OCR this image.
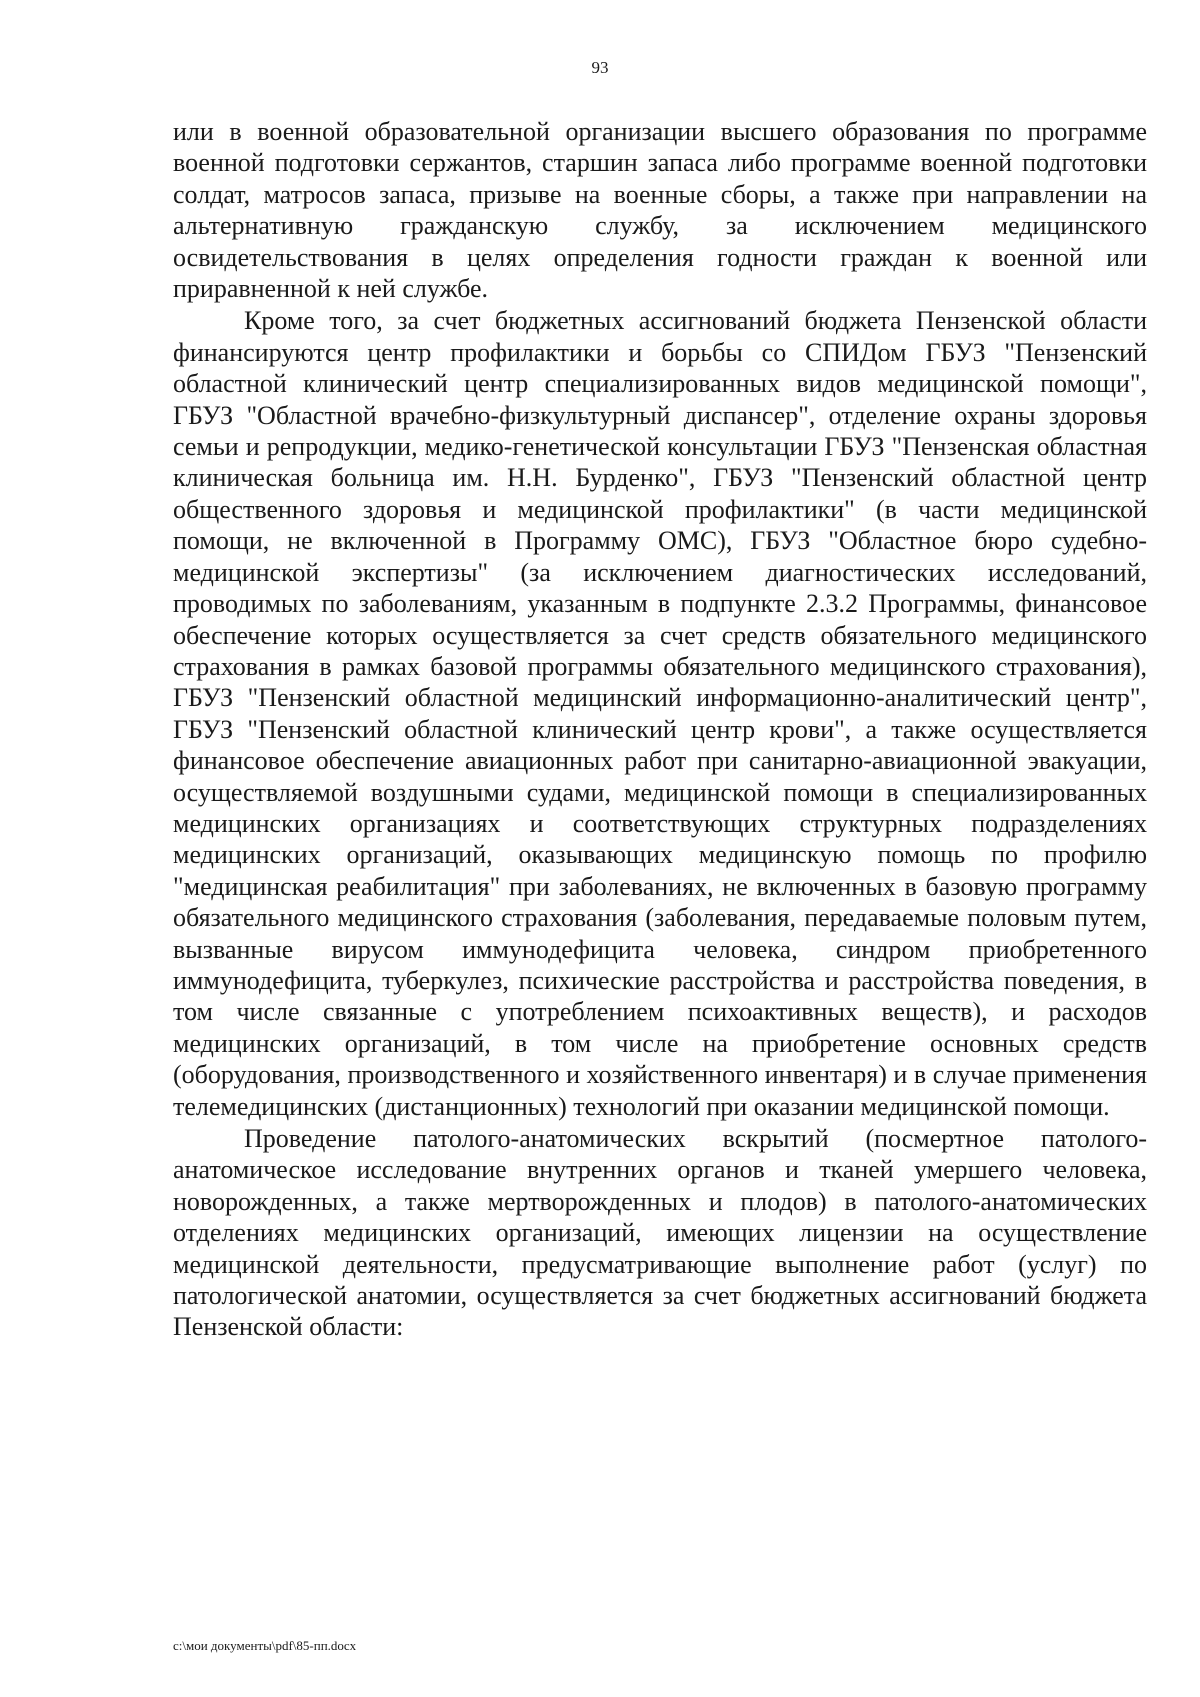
93

или в военной образовательной организации высшего образования по программе военной подготовки сержантов, старшин запаса либо программе военной подготовки солдат, матросов запаса, призыве на военные сборы, а также при направлении на альтернативную гражданскую службу, за исключением медицинского освидетельствования в целях определения годности граждан к военной или приравненной к ней службе.

Кроме того, за счет бюджетных ассигнований бюджета Пензенской области финансируются центр профилактики и борьбы со СПИДом ГБУЗ "Пензенский областной клинический центр специализированных видов медицинской помощи", ГБУЗ "Областной врачебно-физкультурный диспансер", отделение охраны здоровья семьи и репродукции, медико-генетической консультации ГБУЗ "Пензенская областная клиническая больница им. Н.Н. Бурденко", ГБУЗ "Пензенский областной центр общественного здоровья и медицинской профилактики" (в части медицинской помощи, не включенной в Программу ОМС), ГБУЗ "Областное бюро судебно-медицинской экспертизы" (за исключением диагностических исследований, проводимых по заболеваниям, указанным в подпункте 2.3.2 Программы, финансовое обеспечение которых осуществляется за счет средств обязательного медицинского страхования в рамках базовой программы обязательного медицинского страхования), ГБУЗ "Пензенский областной медицинский информационно-аналитический центр", ГБУЗ "Пензенский областной клинический центр крови", а также осуществляется финансовое обеспечение авиационных работ при санитарно-авиационной эвакуации, осуществляемой воздушными судами, медицинской помощи в специализированных медицинских организациях и соответствующих структурных подразделениях медицинских организаций, оказывающих медицинскую помощь по профилю "медицинская реабилитация" при заболеваниях, не включенных в базовую программу обязательного медицинского страхования (заболевания, передаваемые половым путем, вызванные вирусом иммунодефицита человека, синдром приобретенного иммунодефицита, туберкулез, психические расстройства и расстройства поведения, в том числе связанные с употреблением психоактивных веществ), и расходов медицинских организаций, в том числе на приобретение основных средств (оборудования, производственного и хозяйственного инвентаря) и в случае применения телемедицинских (дистанционных) технологий при оказании медицинской помощи.

Проведение патолого-анатомических вскрытий (посмертное патолого-анатомическое исследование внутренних органов и тканей умершего человека, новорожденных, а также мертворожденных и плодов) в патолого-анатомических отделениях медицинских организаций, имеющих лицензии на осуществление медицинской деятельности, предусматривающие выполнение работ (услуг) по патологической анатомии, осуществляется за счет бюджетных ассигнований бюджета Пензенской области:

c:\мои документы\pdf\85-пп.docx
